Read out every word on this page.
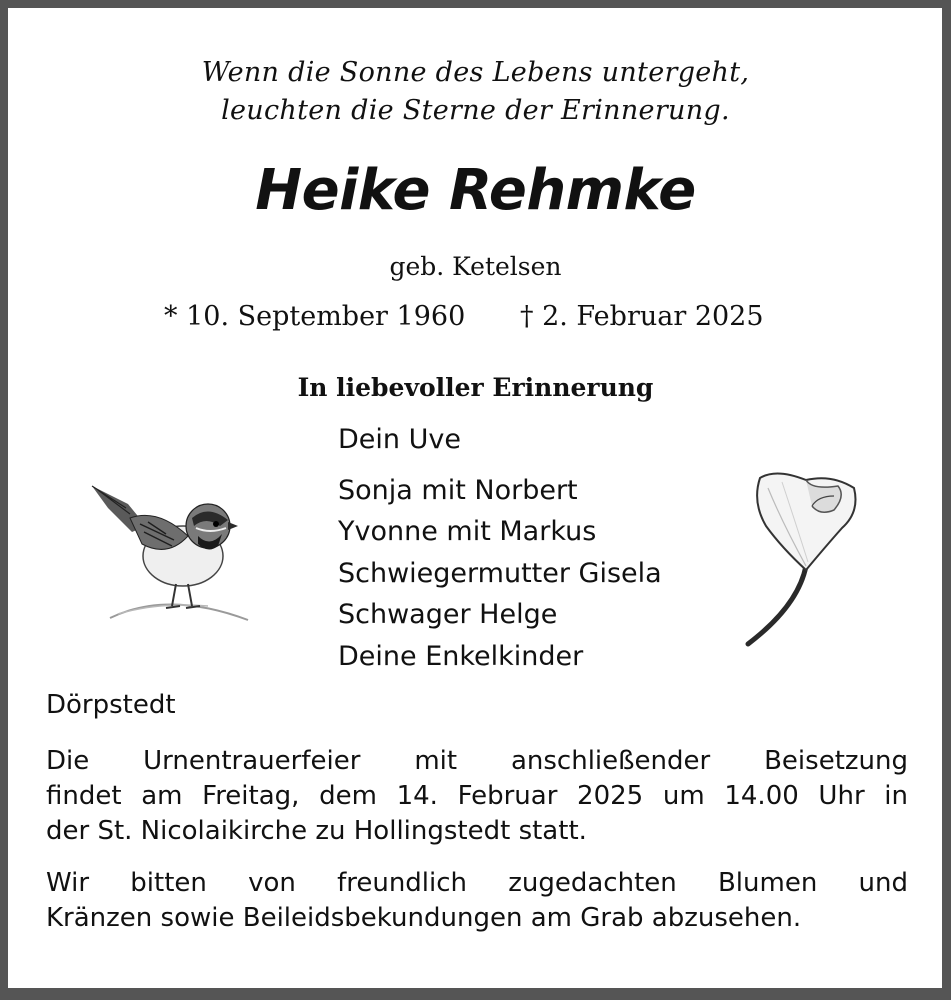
Wenn die Sonne des Lebens untergeht,

leuchten die Sterne der Erinnerung.

Heike Rehmke

geb. Ketelsen

* 10. September 1960 † 2. Februar 2025

In liebevoller Erinnerung

Dein Uve

Sonja mit Norbert

Yvonne mit Markus

Schwiegermutter Gisela

Schwager Helge

Deine Enkelkinder

Dörpstedt

Die Urnentrauerfeier mit anschließender Beisetzung
findet am Freitag, dem 14. Februar 2025 um 14.00 Uhr in

der St. Nicolaikirche zu Hollingstedt statt.
Wir bitten von freundlich zugedachten Blumen und

Kränzen sowie Beileidsbekundungen am Grab abzusehen.
